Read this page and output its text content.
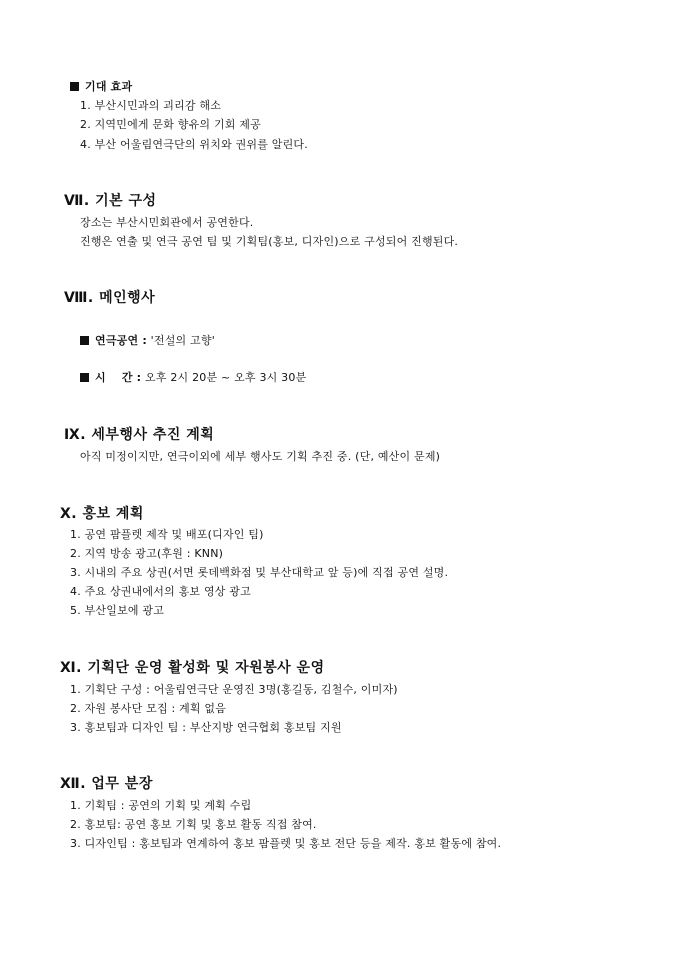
기대 효과
1. 부산시민과의 괴리감 해소
2. 지역민에게 문화 향유의 기회 제공
4. 부산 어울림연극단의 위치와 권위를 알린다.
Ⅶ. 기본 구성
장소는 부산시민회관에서 공연한다.
진행은 연출 및 연극 공연 팀 및 기획팀(홍보, 디자인)으로 구성되어 진행된다.
Ⅷ. 메인행사
연극공연 : '전설의 고향'
시 간 : 오후 2시 20분 ~ 오후 3시 30분
Ⅸ. 세부행사 추진 계획
아직 미정이지만, 연극이외에 세부 행사도 기획 추진 중. (단, 예산이 문제)
Ⅹ. 홍보 계획
1. 공연 팜플렛 제작 및 배포(디자인 팀)
2. 지역 방송 광고(후원 : KNN)
3. 시내의 주요 상권(서면 롯데백화점 및 부산대학교 앞 등)에 직접 공연 설명.
4. 주요 상권내에서의 홍보 영상 광고
5. 부산일보에 광고
Ⅺ. 기획단 운영 활성화 및 자원봉사 운영
1. 기획단 구성 : 어울림연극단 운영진 3명(홍길동, 김철수, 이미자)
2. 자원 봉사단 모집 : 계획 없음
3. 홍보팀과 디자인 팀 : 부산지방 연극협회 홍보팀 지원
Ⅻ. 업무 분장
1. 기획팀 : 공연의 기획 및 계획 수립
2. 홍보팀: 공연 홍보 기획 및 홍보 활동 직접 참여.
3. 디자인팀 : 홍보팀과 연계하여 홍보 팜플렛 및 홍보 전단 등을 제작. 홍보 활동에 참여.
